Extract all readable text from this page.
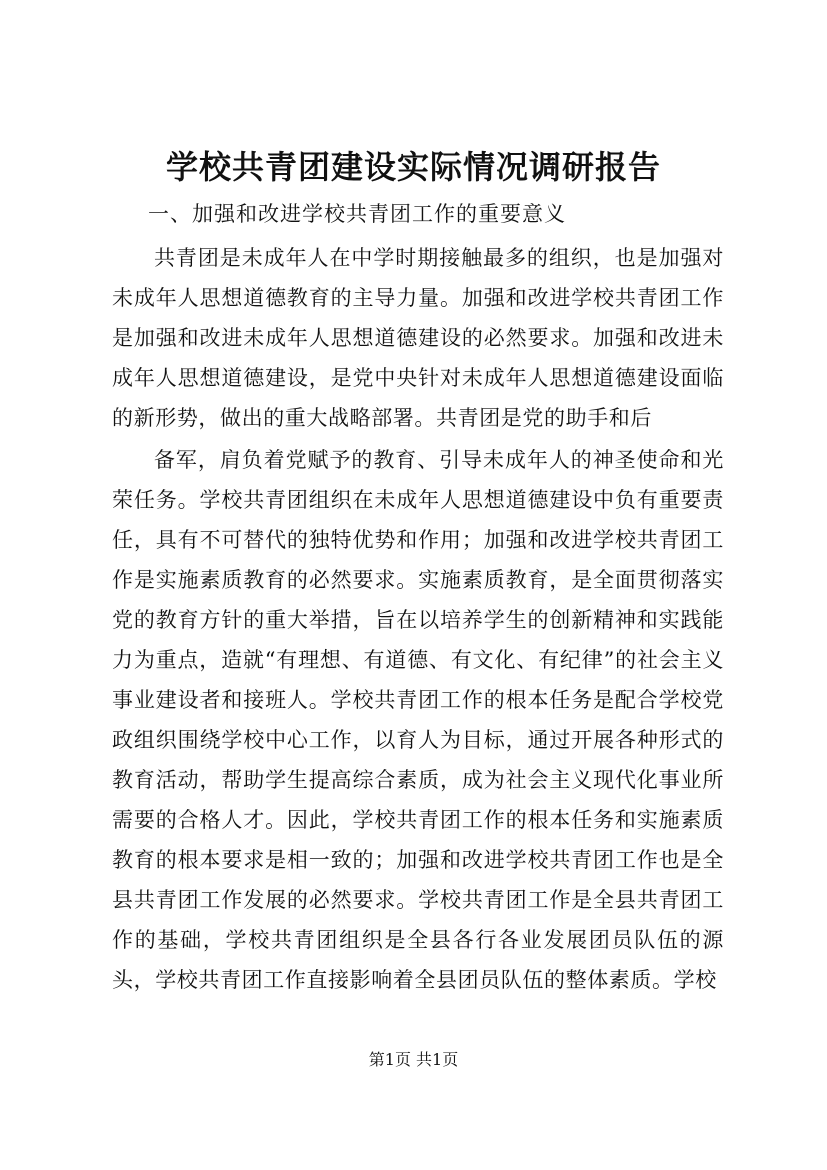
学校共青团建设实际情况调研报告

一、加强和改进学校共青团工作的重要意义

共青团是未成年人在中学时期接触最多的组织，也是加强对未成年人思想道德教育的主导力量。加强和改进学校共青团工作是加强和改进未成年人思想道德建设的必然要求。加强和改进未成年人思想道德建设，是党中央针对未成年人思想道德建设面临的新形势，做出的重大战略部署。共青团是党的助手和后

备军，肩负着党赋予的教育、引导未成年人的神圣使命和光荣任务。学校共青团组织在未成年人思想道德建设中负有重要责任，具有不可替代的独特优势和作用；加强和改进学校共青团工作是实施素质教育的必然要求。实施素质教育，是全面贯彻落实党的教育方针的重大举措，旨在以培养学生的创新精神和实践能力为重点，造就“有理想、有道德、有文化、有纪律”的社会主义事业建设者和接班人。学校共青团工作的根本任务是配合学校党政组织围绕学校中心工作，以育人为目标，通过开展各种形式的教育活动，帮助学生提高综合素质，成为社会主义现代化事业所需要的合格人才。因此，学校共青团工作的根本任务和实施素质教育的根本要求是相一致的；加强和改进学校共青团工作也是全县共青团工作发展的必然要求。学校共青团工作是全县共青团工作的基础，学校共青团组织是全县各行各业发展团员队伍的源头，学校共青团工作直接影响着全县团员队伍的整体素质。学校

第1页 共1页
